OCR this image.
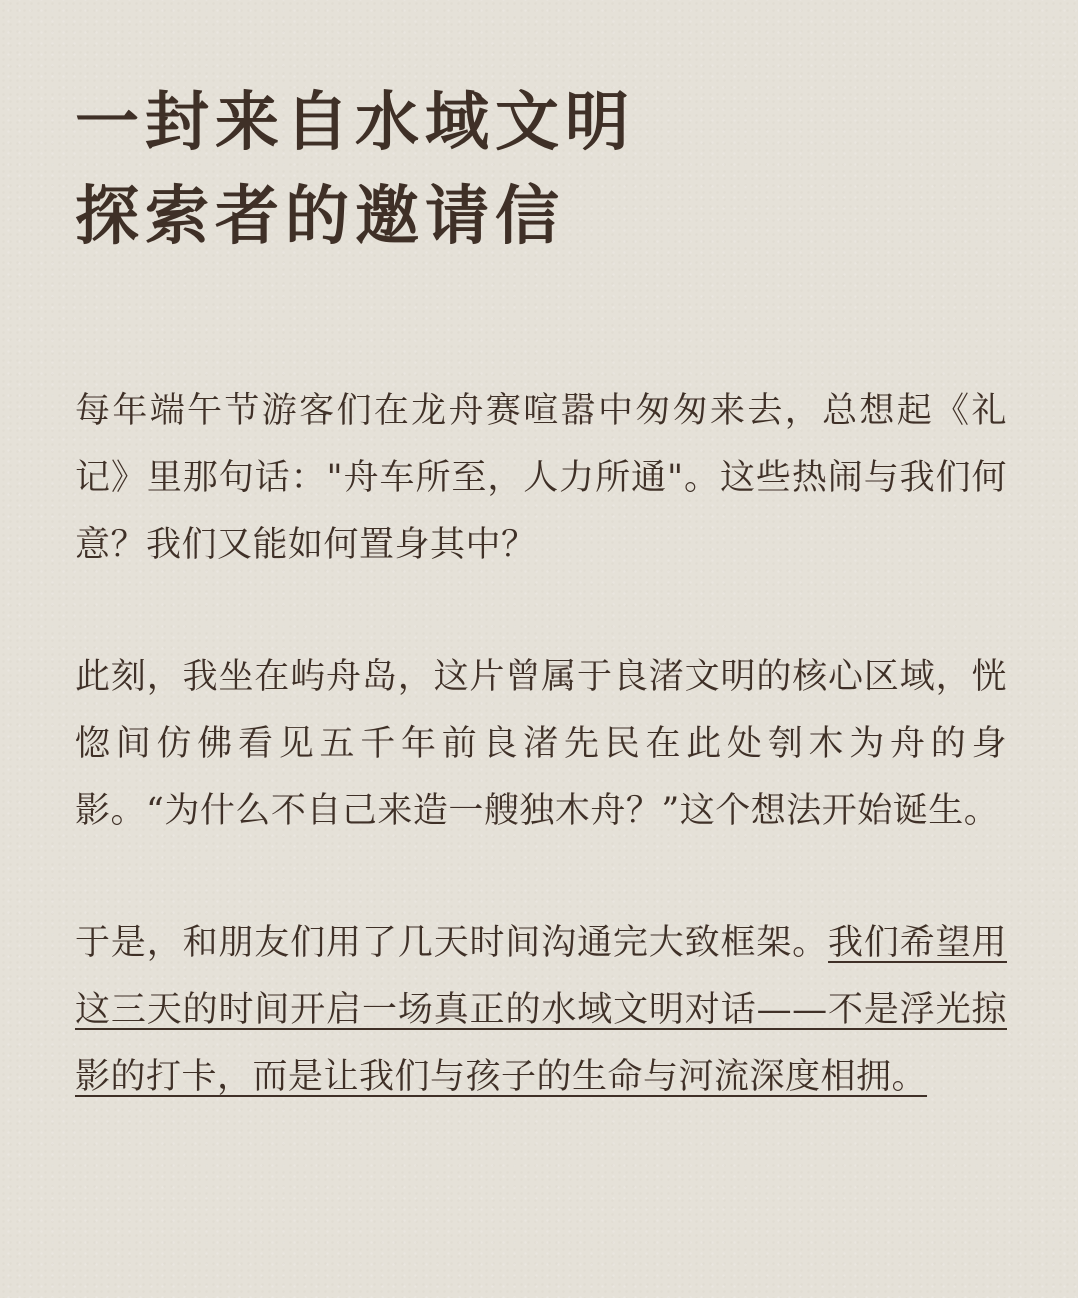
一封来自水域文明
探索者的邀请信

每年端午节游客们在龙舟赛喧嚣中匆匆来去，总想起《礼记》里那句话："舟车所至，人力所通"。这些热闹与我们何意？我们又能如何置身其中？

此刻，我坐在屿舟岛，这片曾属于良渚文明的核心区域，恍惚间仿佛看见五千年前良渚先民在此处刳木为舟的身影。“为什么不自己来造一艘独木舟？”这个想法开始诞生。

于是，和朋友们用了几天时间沟通完大致框架。我们希望用这三天的时间开启一场真正的水域文明对话——不是浮光掠影的打卡，而是让我们与孩子的生命与河流深度相拥。
